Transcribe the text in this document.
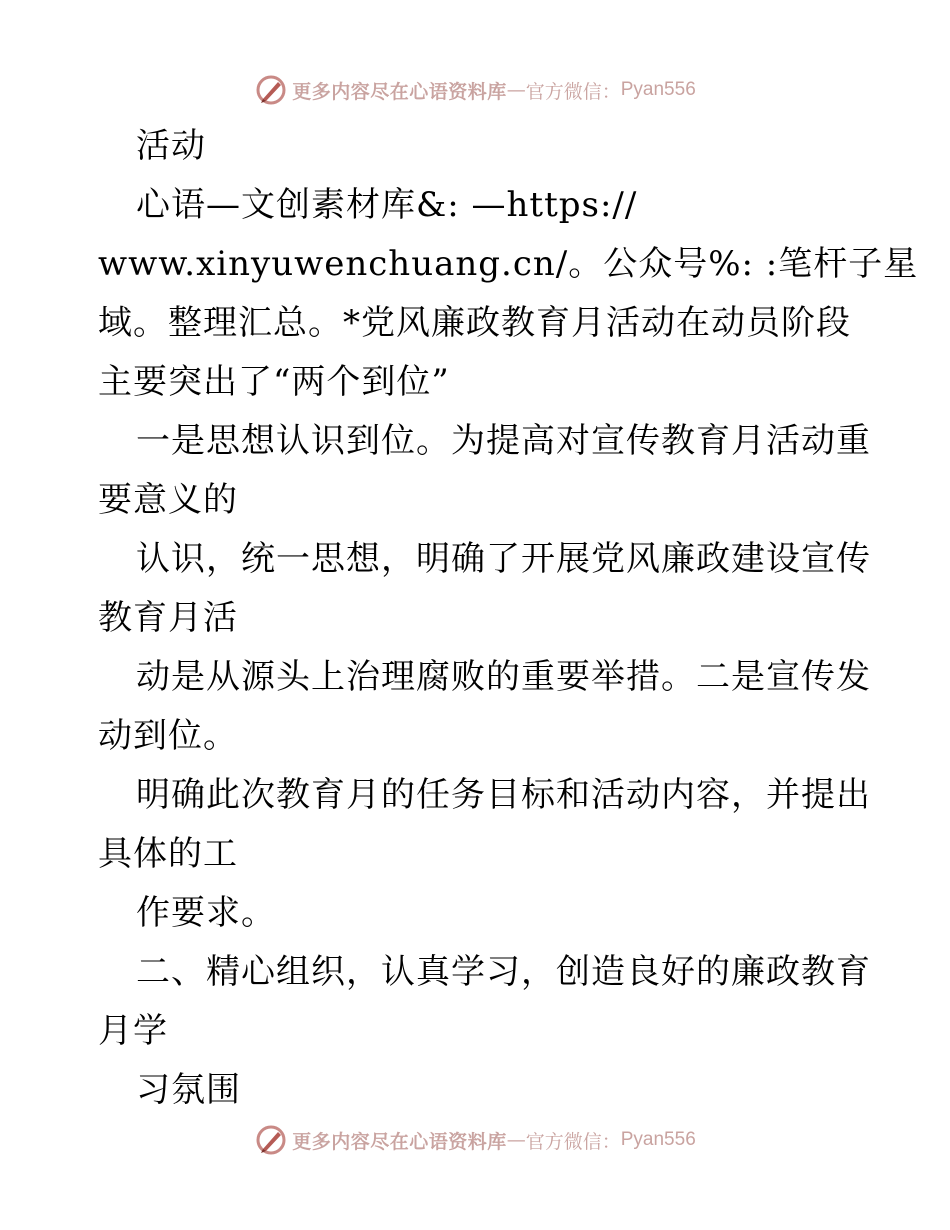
更多内容尽在心语资料库 — 官方微信： Pyan556
活动
心语—文创素材库&: —https://
www.xinyuwenchuang.cn/。公众号%: :笔杆子星
域。整理汇总。*党风廉政教育月活动在动员阶段
主要突出了“两个到位”
一是思想认识到位。为提高对宣传教育月活动重
要意义的
认识，统一思想，明确了开展党风廉政建设宣传
教育月活
动是从源头上治理腐败的重要举措。二是宣传发
动到位。
明确此次教育月的任务目标和活动内容，并提出
具体的工
作要求。
二、精心组织，认真学习，创造良好的廉政教育
月学
习氛围
更多内容尽在心语资料库 — 官方微信： Pyan556
